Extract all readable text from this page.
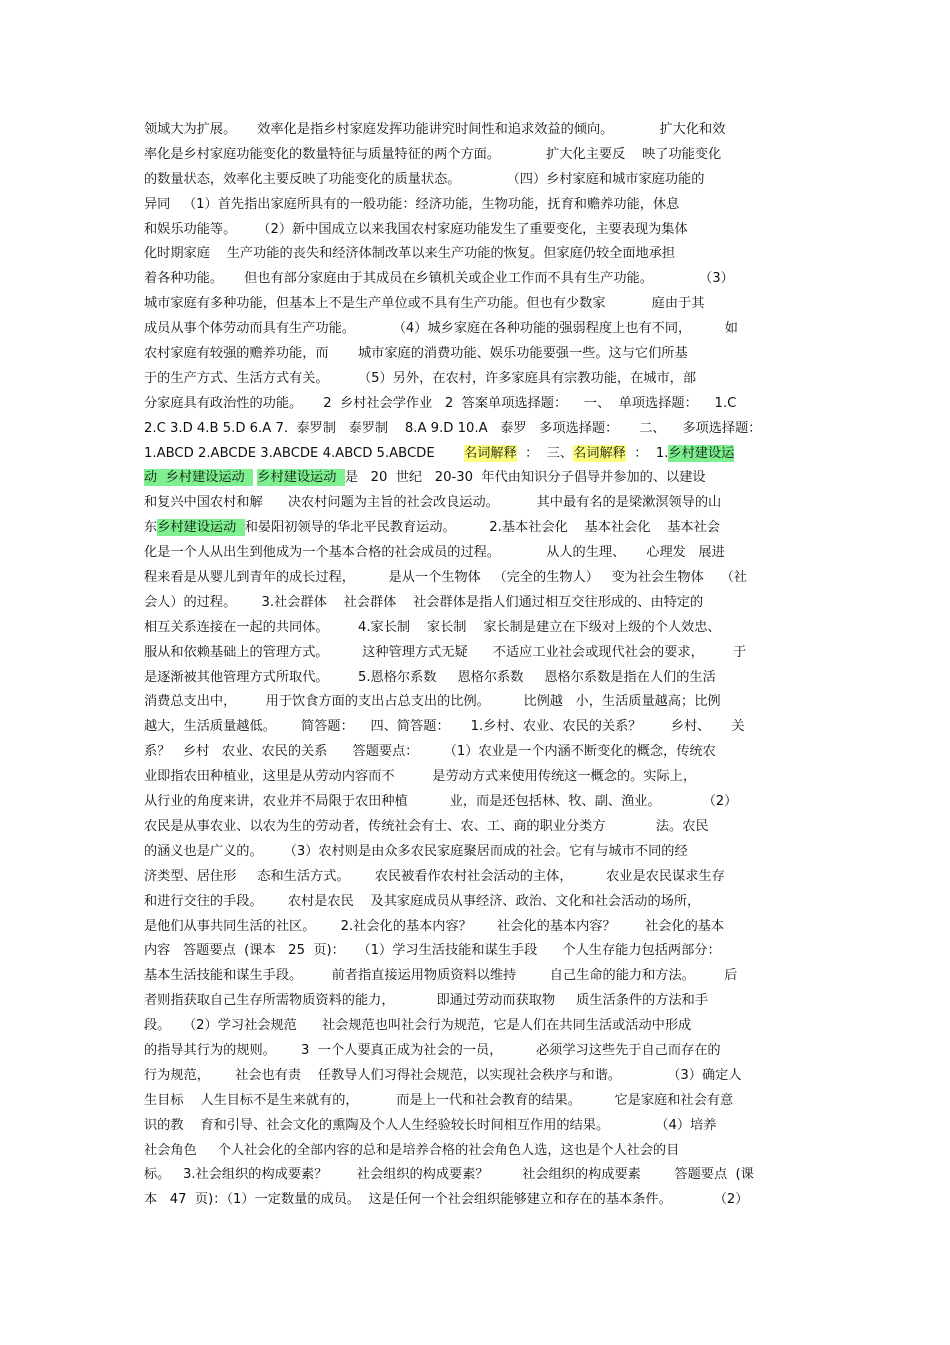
领域大为扩展。     效率化是指乡村家庭发挥功能讲究时间性和追求效益的倾向。           扩大化和效
率化是乡村家庭功能变化的数量特征与质量特征的两个方面。           扩大化主要反    映了功能变化
的数量状态，效率化主要反映了功能变化的质量状态。           （四）乡村家庭和城市家庭功能的
异同   （1）首先指出家庭所具有的一般功能：经济功能，生物功能，抚育和赡养功能，休息
和娱乐功能等。     （2）新中国成立以来我国农村家庭功能发生了重要变化，主要表现为集体
化时期家庭    生产功能的丧失和经济体制改革以来生产功能的恢复。但家庭仍较全面地承担
着各种功能。     但也有部分家庭由于其成员在乡镇机关或企业工作而不具有生产功能。           （3）
城市家庭有多种功能，但基本上不是生产单位或不具有生产功能。但也有少数家           庭由于其
成员从事个体劳动而具有生产功能。         （4）城乡家庭在各种功能的强弱程度上也有不同，        如
农村家庭有较强的赡养功能，而       城市家庭的消费功能、娱乐功能要强一些。这与它们所基
于的生产方式、生活方式有关。       （5）另外，在农村，许多家庭具有宗教功能，在城市，部
分家庭具有政治性的功能。     2  乡村社会学作业   2  答案单项选择题：    一、  单项选择题：    1.C
2.C 3.D 4.B 5.D 6.A 7.  泰罗制   泰罗制    8.A 9.D 10.A   泰罗   多项选择题：     二、    多项选择题：
1.ABCD 2.ABCDE 3.ABCDE 4.ABCD 5.ABCDE       名词解释  ：  三、名词解释  ：  1.乡村建设运
动  乡村建设运动   乡村建设运动  是   20  世纪   20-30  年代由知识分子倡导并参加的、以建设
和复兴中国农村和解      决农村问题为主旨的社会改良运动。         其中最有名的是梁漱溟领导的山
东乡村建设运动  和晏阳初领导的华北平民教育运动。        2.基本社会化    基本社会化    基本社会
化是一个人从出生到他成为一个基本合格的社会成员的过程。           从人的生理、     心理发   展进
程来看是从婴儿到青年的成长过程，        是从一个生物体   （完全的生物人）   变为社会生物体    （社
会人）的过程。      3.社会群体    社会群体    社会群体是指人们通过相互交往形成的、由特定的
相互关系连接在一起的共同体。       4.家长制    家长制    家长制是建立在下级对上级的个人效忠、
服从和依赖基础上的管理方式。        这种管理方式无疑      不适应工业社会或现代社会的要求，       于
是逐渐被其他管理方式所取代。       5.恩格尔系数     恩格尔系数     恩格尔系数是指在人们的生活
消费总支出中，       用于饮食方面的支出占总支出的比例。        比例越   小，生活质量越高；比例
越大，生活质量越低。      简答题：    四、简答题：     1.乡村、农业、农民的关系？       乡村、     关
系？   乡村   农业、农民的关系      答题要点：      （1）农业是一个内涵不断变化的概念，传统农
业即指农田种植业，这里是从劳动内容而不         是劳动方式来使用传统这一概念的。实际上，
从行业的角度来讲，农业并不局限于农田种植          业，而是还包括林、牧、副、渔业。          （2）
农民是从事农业、以农为生的劳动者，传统社会有士、农、工、商的职业分类方            法。农民
的涵义也是广义的。     （3）农村则是由众多农民家庭聚居而成的社会。它有与城市不同的经
济类型、居住形     态和生活方式。      农民被看作农村社会活动的主体，        农业是农民谋求生存
和进行交往的手段。      农村是农民    及其家庭成员从事经济、政治、文化和社会活动的场所，
是他们从事共同生活的社区。      2.社会化的基本内容？      社会化的基本内容？       社会化的基本
内容   答题要点  (课本   25  页)：   （1）学习生活技能和谋生手段      个人生存能力包括两部分：
基本生活技能和谋生手段。       前者指直接运用物质资料以维持        自己生命的能力和方法。       后
者则指获取自己生存所需物质资料的能力，          即通过劳动而获取物     质生活条件的方法和手
段。   （2）学习社会规范      社会规范也叫社会行为规范，它是人们在共同生活或活动中形成
的指导其行为的规则。      3  一个人要真正成为社会的一员，        必须学习这些先于自己而存在的
行为规范，      社会也有责    任教导人们习得社会规范，以实现社会秩序与和谐。           （3）确定人
生目标    人生目标不是生来就有的，         而是上一代和社会教育的结果。        它是家庭和社会有意
识的教    育和引导、社会文化的熏陶及个人人生经验较长时间相互作用的结果。           （4）培养
社会角色     个人社会化的全部内容的总和是培养合格的社会角色人选，这也是个人社会的目
标。   3.社会组织的构成要素？       社会组织的构成要素？        社会组织的构成要素        答题要点  (课
本   47  页)：（1）一定数量的成员。  这是任何一个社会组织能够建立和存在的基本条件。          （2）
